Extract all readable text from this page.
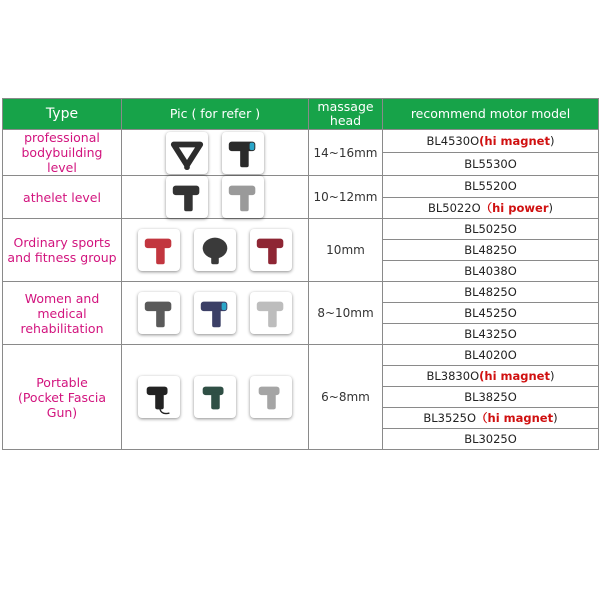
Type	Pic ( for refer )	massage
head	recommend motor model
professional
bodybuilding
level		14~16mm	BL4530O(hi magnet)
			BL5530O
athelet level		10~12mm	BL5520O
			BL5022O（hi power)
Ordinary sports
and fitness group		10mm	BL5025O
			BL4825O
			BL4038O
Women and
medical
rehabilitation		8~10mm	BL4825O
			BL4525O
			BL4325O
Portable
(Pocket Fascia
Gun)		6~8mm	BL4020O
			BL3830O(hi magnet)
			BL3825O
			BL3525O（hi magnet)
			BL3025O
